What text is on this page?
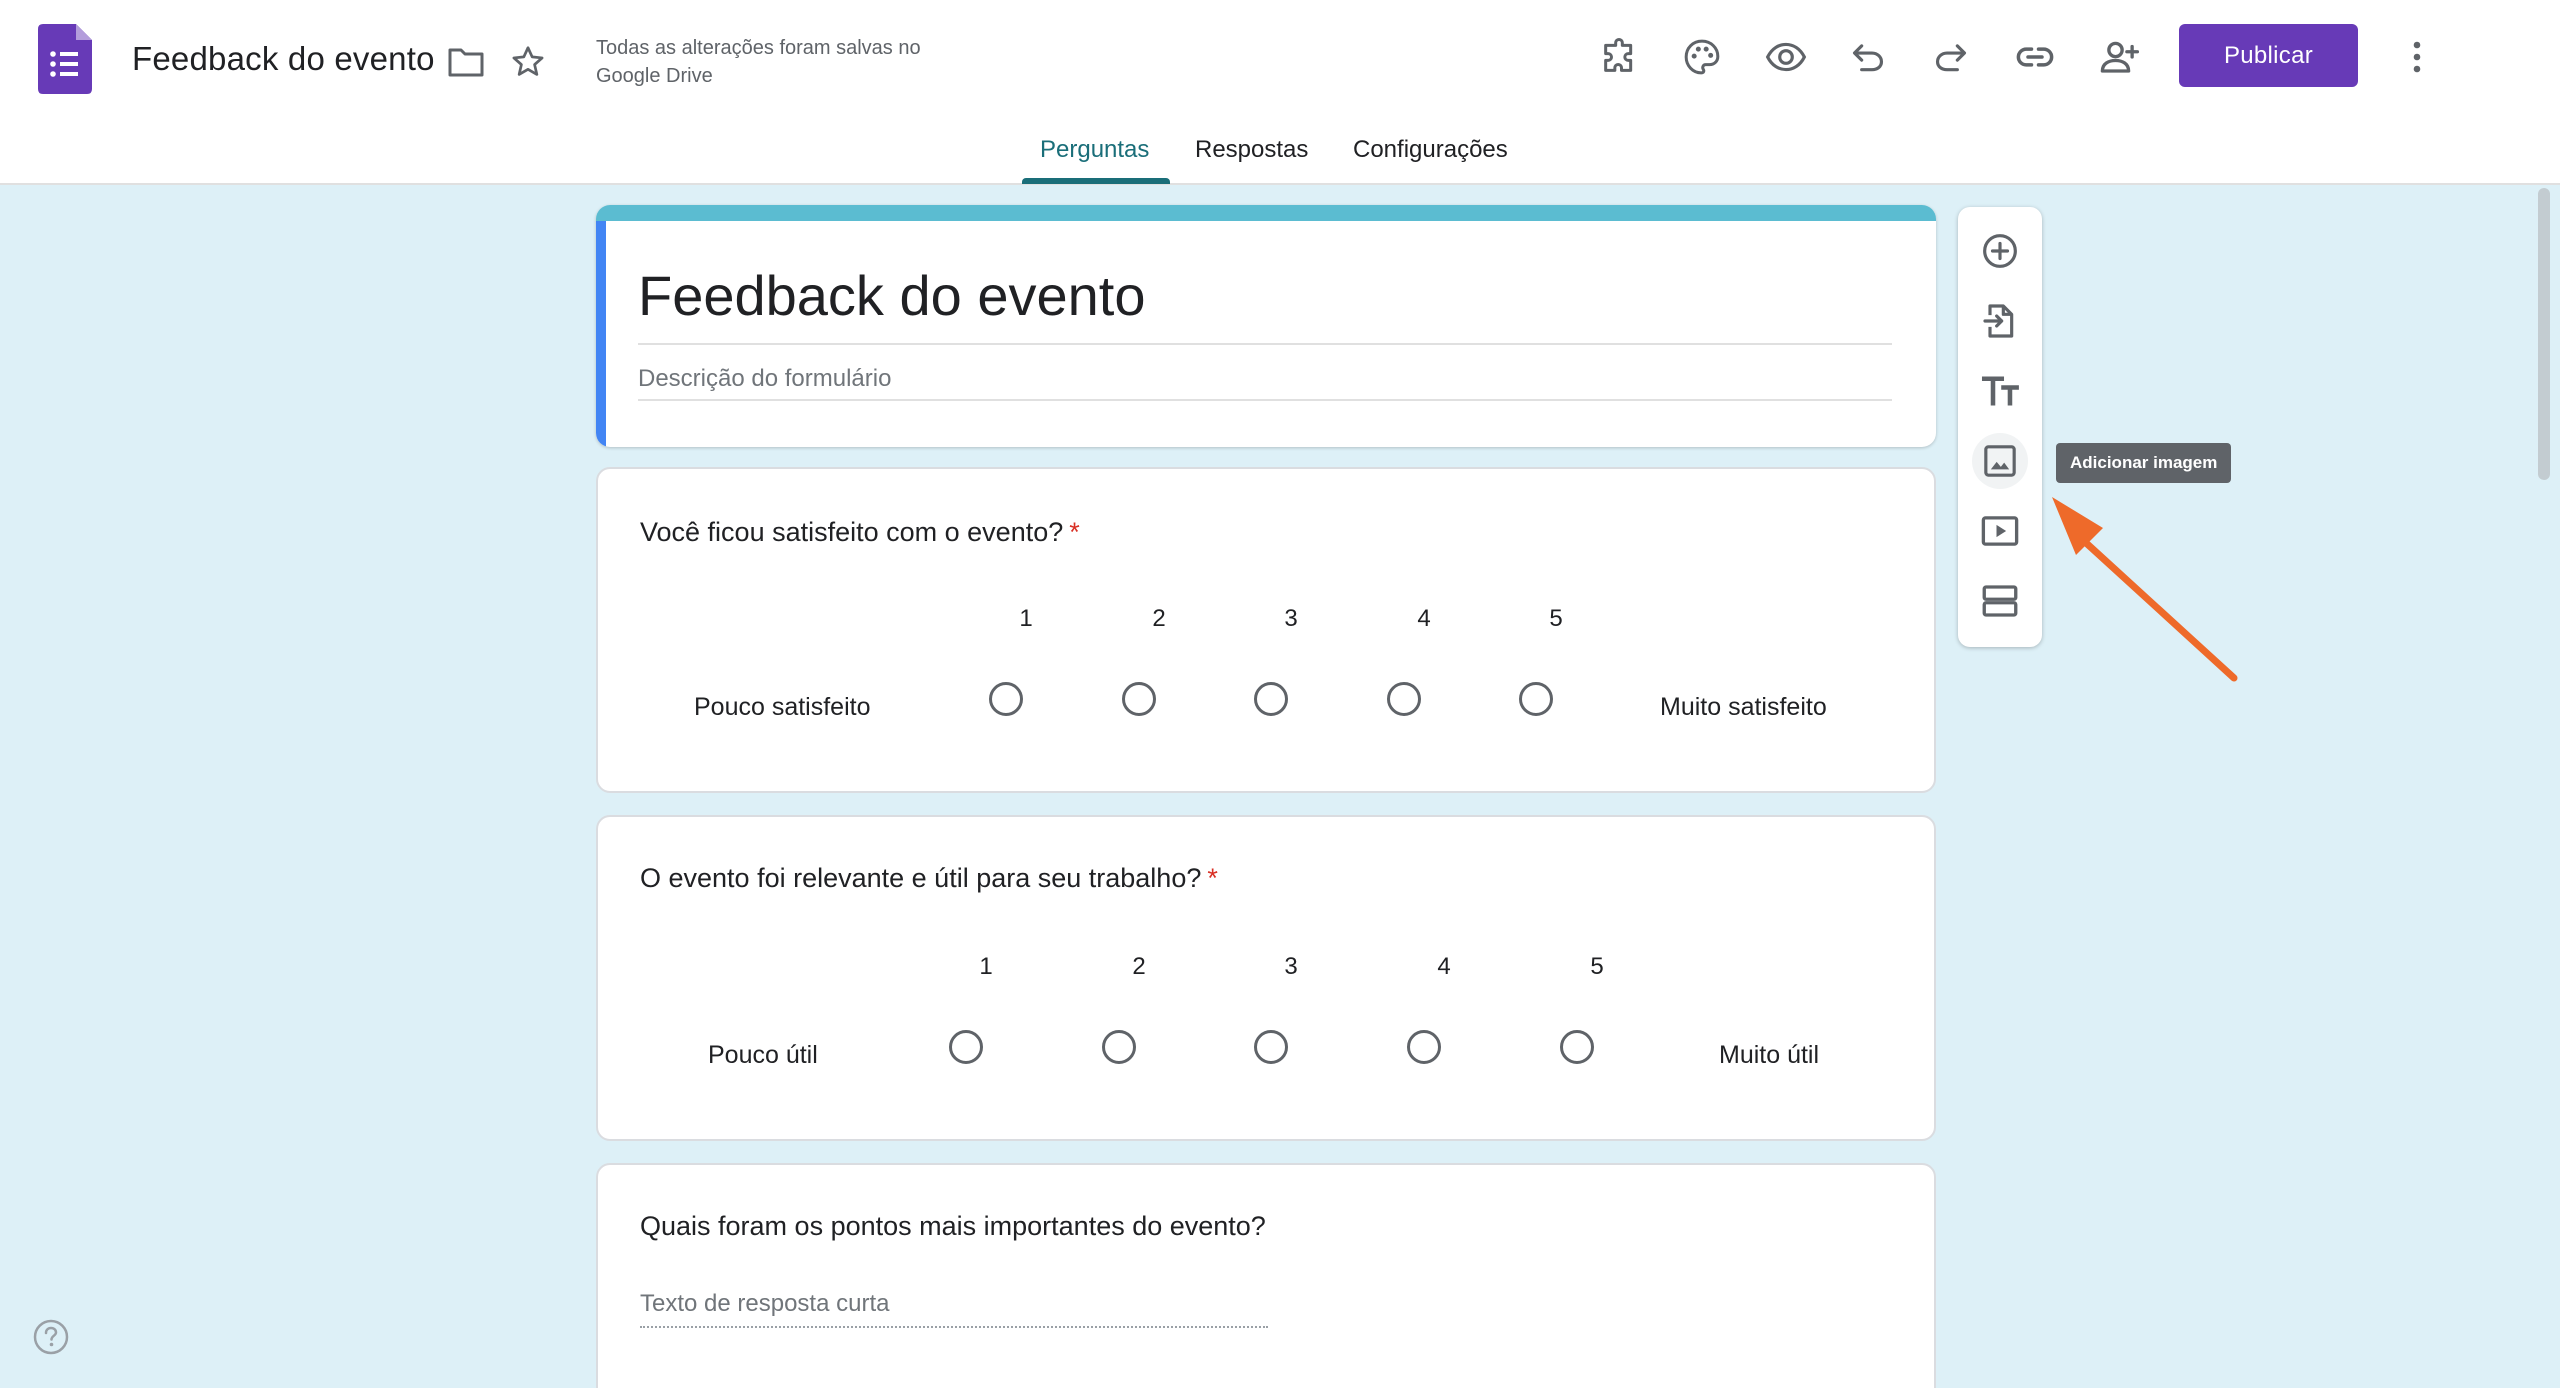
Feedback do evento	Todas as alterações foram salvas no Google Drive
Publicar
Perguntas Respostas Configurações
Feedback do evento
Descrição do formulário
Você ficou satisfeito com o evento? *
1	2	3	4	5
Pouco satisfeito	Muito satisfeito
O evento foi relevante e útil para seu trabalho? *
1	2	3	4	5
Pouco útil	Muito útil
Quais foram os pontos mais importantes do evento?
Texto de resposta curta
Adicionar imagem
